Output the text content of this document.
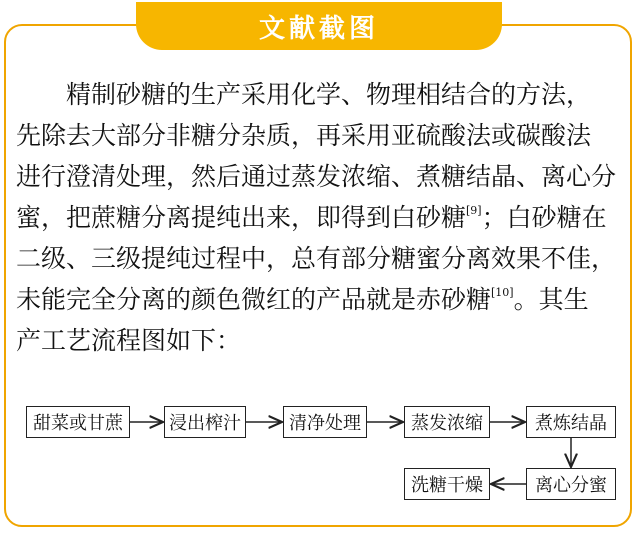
文献截图
精制砂糖的生产采用化学、物理相结合的方法，
先除去大部分非糖分杂质，再采用亚硫酸法或碳酸法
进行澄清处理，然后通过蒸发浓缩、煮糖结晶、离心分
蜜，把蔗糖分离提纯出来，即得到白砂糖[9]；白砂糖在
二级、三级提纯过程中，总有部分糖蜜分离效果不佳，
未能完全分离的颜色微红的产品就是赤砂糖[10]。其生
产工艺流程图如下：
甜菜或甘蔗	浸出榨汁	清净处理	蒸发浓缩	煮炼结晶
离心分蜜
洗糖干燥
